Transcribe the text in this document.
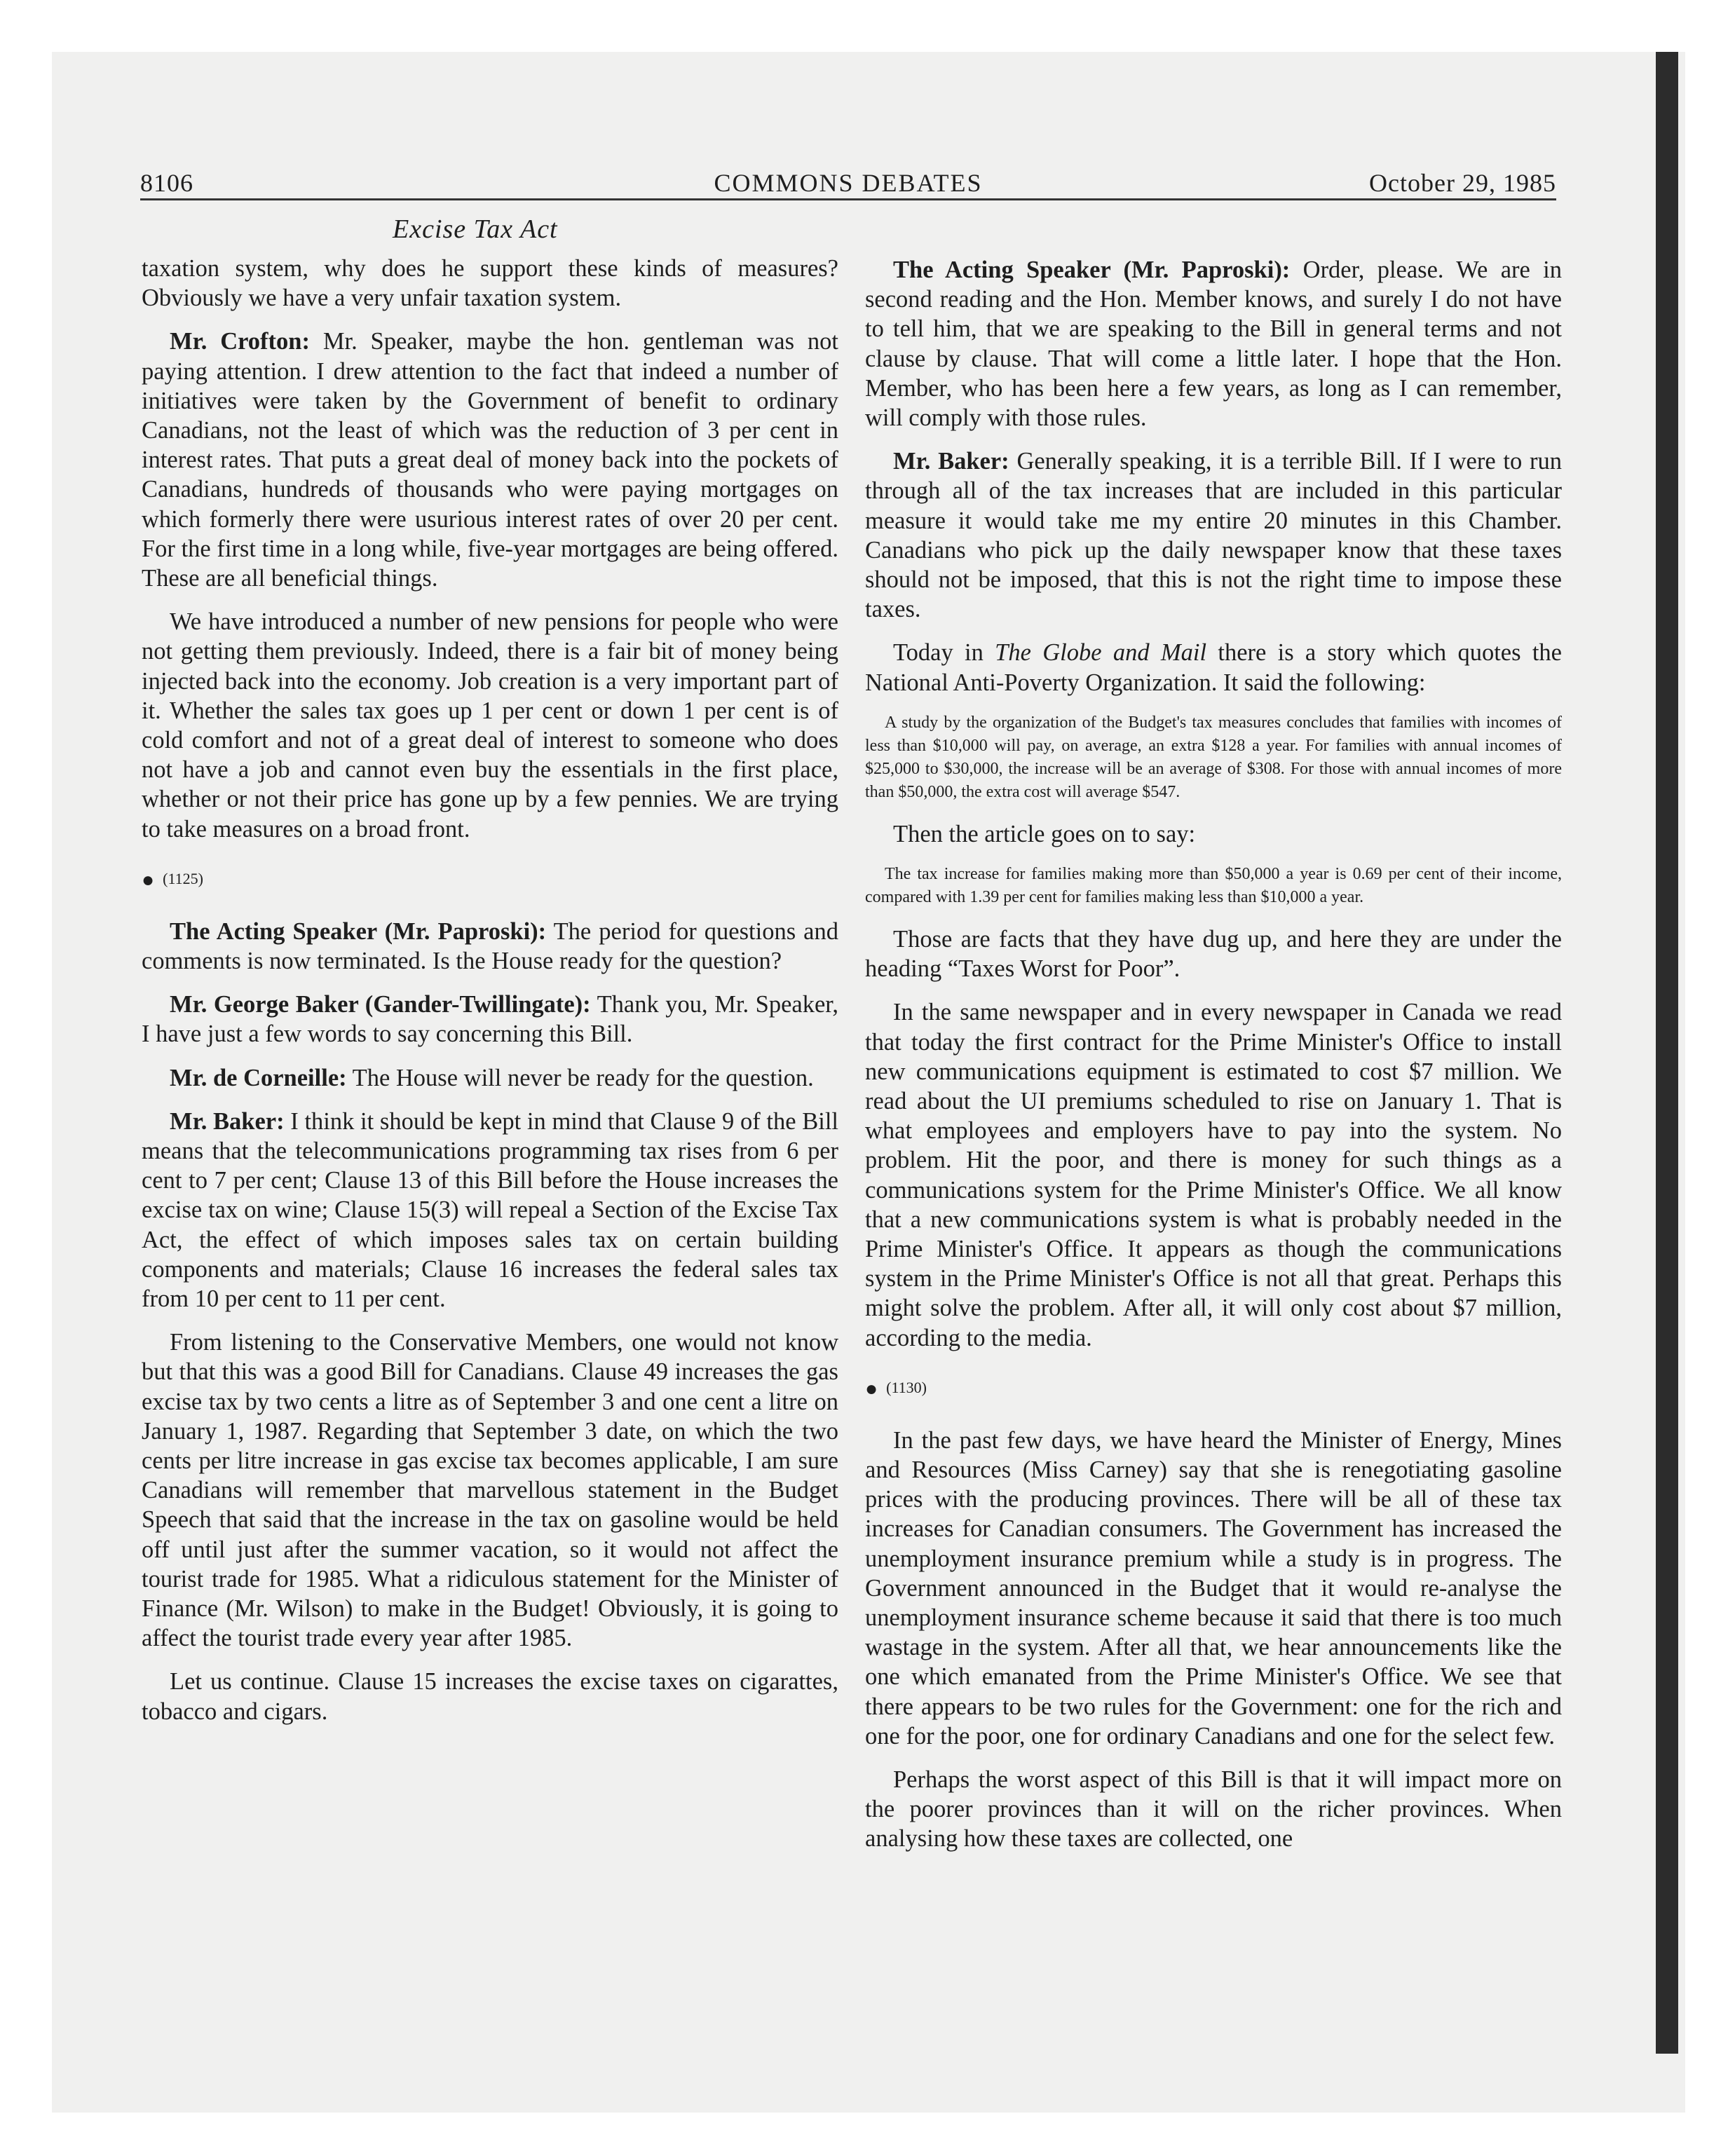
8106	COMMONS DEBATES	October 29, 1985
Excise Tax Act

taxation system, why does he support these kinds of measures? Obviously we have a very unfair taxation system.

Mr. Crofton: Mr. Speaker, maybe the hon. gentleman was not paying attention. I drew attention to the fact that indeed a number of initiatives were taken by the Government of benefit to ordinary Canadians, not the least of which was the reduction of 3 per cent in interest rates. That puts a great deal of money back into the pockets of Canadians, hundreds of thousands who were paying mortgages on which formerly there were usurious interest rates of over 20 per cent. For the first time in a long while, five-year mortgages are being offered. These are all beneficial things.

We have introduced a number of new pensions for people who were not getting them previously. Indeed, there is a fair bit of money being injected back into the economy. Job creation is a very important part of it. Whether the sales tax goes up 1 per cent or down 1 per cent is of cold comfort and not of a great deal of interest to someone who does not have a job and cannot even buy the essentials in the first place, whether or not their price has gone up by a few pennies. We are trying to take measures on a broad front.

● (1125)

The Acting Speaker (Mr. Paproski): The period for questions and comments is now terminated. Is the House ready for the question?

Mr. George Baker (Gander-Twillingate): Thank you, Mr. Speaker, I have just a few words to say concerning this Bill.

Mr. de Corneille: The House will never be ready for the question.

Mr. Baker: I think it should be kept in mind that Clause 9 of the Bill means that the telecommunications programming tax rises from 6 per cent to 7 per cent; Clause 13 of this Bill before the House increases the excise tax on wine; Clause 15(3) will repeal a Section of the Excise Tax Act, the effect of which imposes sales tax on certain building components and materials; Clause 16 increases the federal sales tax from 10 per cent to 11 per cent.

From listening to the Conservative Members, one would not know but that this was a good Bill for Canadians. Clause 49 increases the gas excise tax by two cents a litre as of September 3 and one cent a litre on January 1, 1987. Regarding that September 3 date, on which the two cents per litre increase in gas excise tax becomes applicable, I am sure Canadians will remember that marvellous statement in the Budget Speech that said that the increase in the tax on gasoline would be held off until just after the summer vacation, so it would not affect the tourist trade for 1985. What a ridiculous statement for the Minister of Finance (Mr. Wilson) to make in the Budget! Obviously, it is going to affect the tourist trade every year after 1985.

Let us continue. Clause 15 increases the excise taxes on cigarattes, tobacco and cigars.

The Acting Speaker (Mr. Paproski): Order, please. We are in second reading and the Hon. Member knows, and surely I do not have to tell him, that we are speaking to the Bill in general terms and not clause by clause. That will come a little later. I hope that the Hon. Member, who has been here a few years, as long as I can remember, will comply with those rules.

Mr. Baker: Generally speaking, it is a terrible Bill. If I were to run through all of the tax increases that are included in this particular measure it would take me my entire 20 minutes in this Chamber. Canadians who pick up the daily newspaper know that these taxes should not be imposed, that this is not the right time to impose these taxes.

Today in The Globe and Mail there is a story which quotes the National Anti-Poverty Organization. It said the following:

A study by the organization of the Budget's tax measures concludes that families with incomes of less than $10,000 will pay, on average, an extra $128 a year. For families with annual incomes of $25,000 to $30,000, the increase will be an average of $308. For those with annual incomes of more than $50,000, the extra cost will average $547.

Then the article goes on to say:

The tax increase for families making more than $50,000 a year is 0.69 per cent of their income, compared with 1.39 per cent for families making less than $10,000 a year.

Those are facts that they have dug up, and here they are under the heading “Taxes Worst for Poor”.

In the same newspaper and in every newspaper in Canada we read that today the first contract for the Prime Minister's Office to install new communications equipment is estimated to cost $7 million. We read about the UI premiums scheduled to rise on January 1. That is what employees and employers have to pay into the system. No problem. Hit the poor, and there is money for such things as a communications system for the Prime Minister's Office. We all know that a new communications system is what is probably needed in the Prime Minister's Office. It appears as though the communications system in the Prime Minister's Office is not all that great. Perhaps this might solve the problem. After all, it will only cost about $7 million, according to the media.

● (1130)

In the past few days, we have heard the Minister of Energy, Mines and Resources (Miss Carney) say that she is renegotiating gasoline prices with the producing provinces. There will be all of these tax increases for Canadian consumers. The Government has increased the unemployment insurance premium while a study is in progress. The Government announced in the Budget that it would re-analyse the unemployment insurance scheme because it said that there is too much wastage in the system. After all that, we hear announcements like the one which emanated from the Prime Minister's Office. We see that there appears to be two rules for the Government: one for the rich and one for the poor, one for ordinary Canadians and one for the select few.

Perhaps the worst aspect of this Bill is that it will impact more on the poorer provinces than it will on the richer provinces. When analysing how these taxes are collected, one
